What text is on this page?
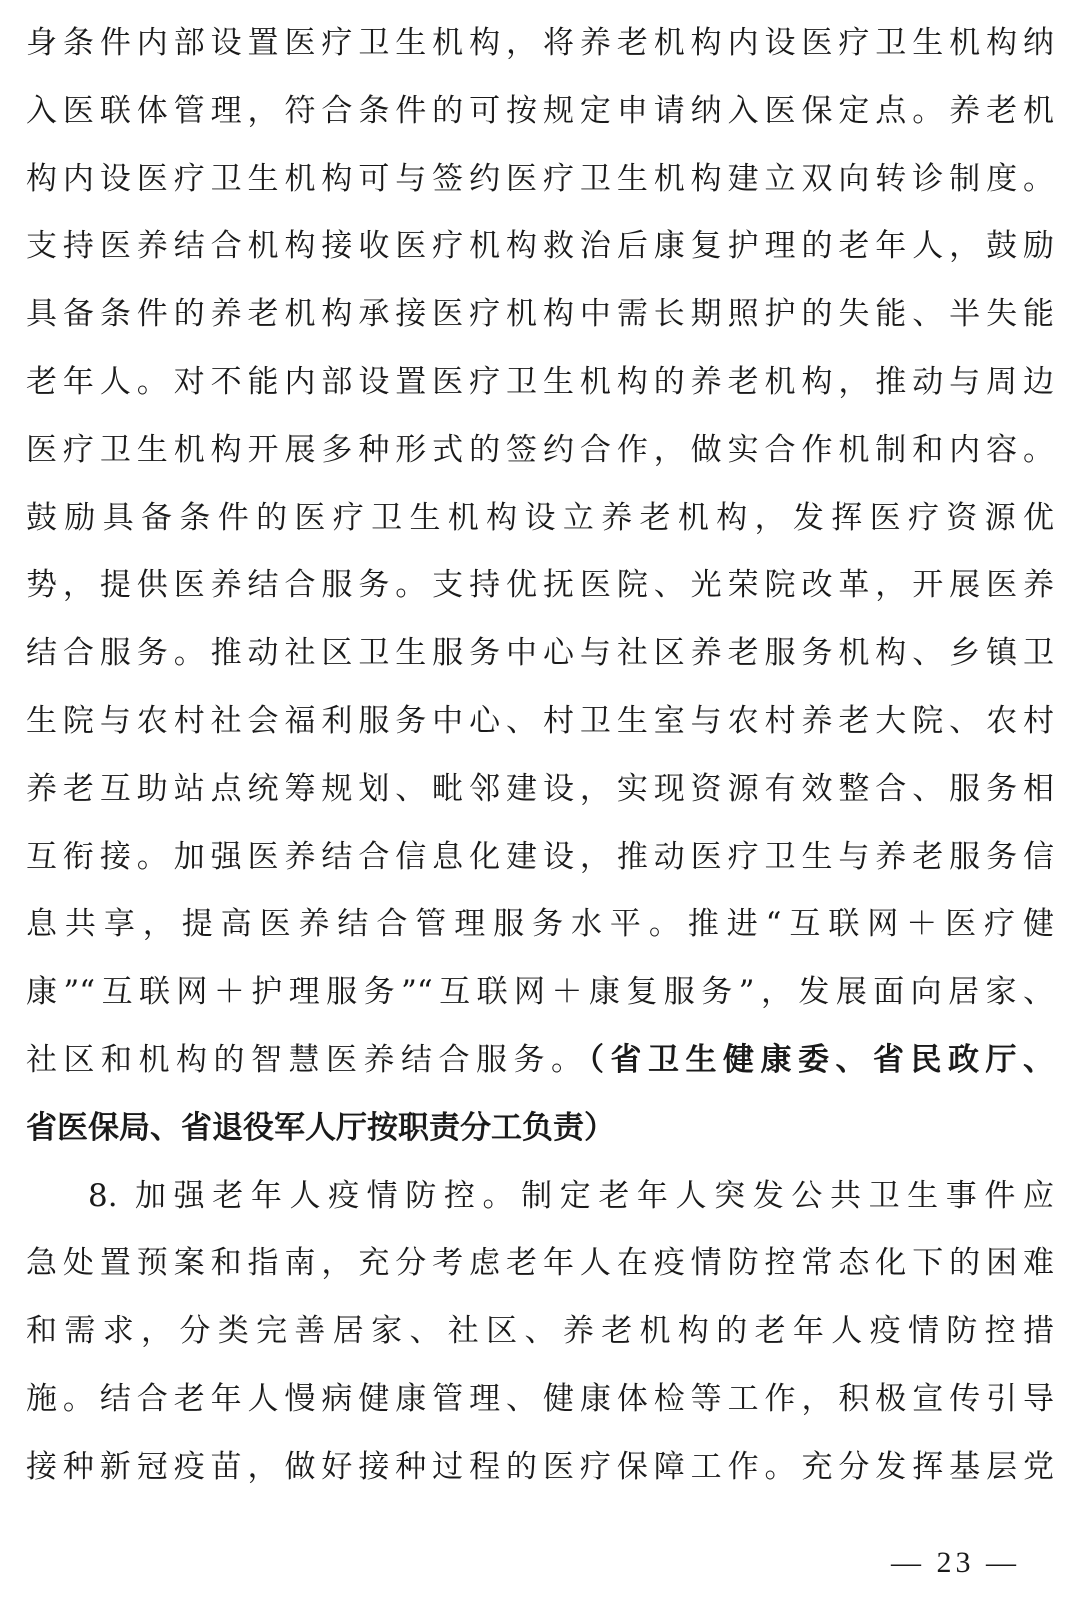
身条件内部设置医疗卫生机构，将养老机构内设医疗卫生机构纳
入医联体管理，符合条件的可按规定申请纳入医保定点。养老机
构内设医疗卫生机构可与签约医疗卫生机构建立双向转诊制度。
支持医养结合机构接收医疗机构救治后康复护理的老年人，鼓励
具备条件的养老机构承接医疗机构中需长期照护的失能、半失能
老年人。对不能内部设置医疗卫生机构的养老机构，推动与周边
医疗卫生机构开展多种形式的签约合作，做实合作机制和内容。
鼓励具备条件的医疗卫生机构设立养老机构，发挥医疗资源优
势，提供医养结合服务。支持优抚医院、光荣院改革，开展医养
结合服务。推动社区卫生服务中心与社区养老服务机构、乡镇卫
生院与农村社会福利服务中心、村卫生室与农村养老大院、农村
养老互助站点统筹规划、毗邻建设，实现资源有效整合、服务相
互衔接。加强医养结合信息化建设，推动医疗卫生与养老服务信
息共享，提高医养结合管理服务水平。推进“互联网＋医疗健
康”“互联网＋护理服务”“互联网＋康复服务”，发展面向居家、
社区和机构的智慧医养结合服务。（省卫生健康委、省民政厅、
省医保局、省退役军人厅按职责分工负责）
8. 加强老年人疫情防控。制定老年人突发公共卫生事件应
急处置预案和指南，充分考虑老年人在疫情防控常态化下的困难
和需求，分类完善居家、社区、养老机构的老年人疫情防控措
施。结合老年人慢病健康管理、健康体检等工作，积极宣传引导
接种新冠疫苗，做好接种过程的医疗保障工作。充分发挥基层党
— 23 —
